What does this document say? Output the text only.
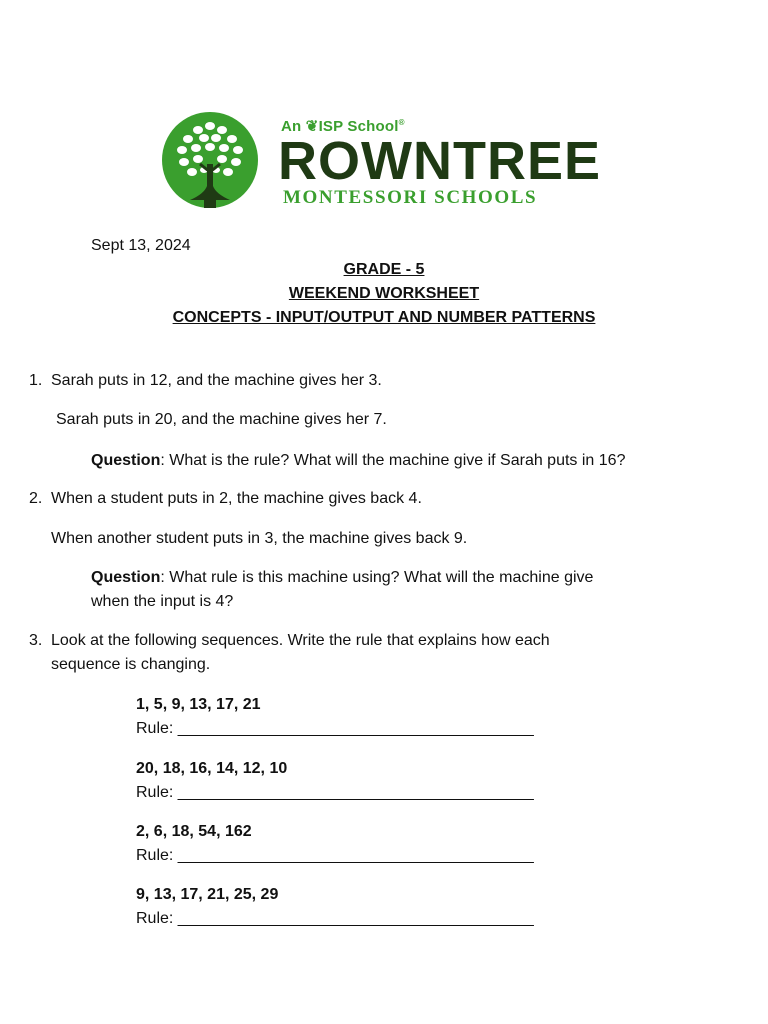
An ❦ISP School®
ROWNTREE
MONTESSORI SCHOOLS
Sept 13, 2024
GRADE - 5
WEEKEND WORKSHEET
CONCEPTS - INPUT/OUTPUT AND NUMBER PATTERNS
1. Sarah puts in 12, and the machine gives her 3.
Sarah puts in 20, and the machine gives her 7.
Question: What is the rule? What will the machine give if Sarah puts in 16?
2. When a student puts in 2, the machine gives back 4.
When another student puts in 3, the machine gives back 9.
Question: What rule is this machine using? What will the machine give
when the input is 4?
3. Look at the following sequences. Write the rule that explains how each
sequence is changing.
1, 5, 9, 13, 17, 21
Rule: ________________________________________
20, 18, 16, 14, 12, 10
Rule: ________________________________________
2, 6, 18, 54, 162
Rule: ________________________________________
9, 13, 17, 21, 25, 29
Rule: ________________________________________
